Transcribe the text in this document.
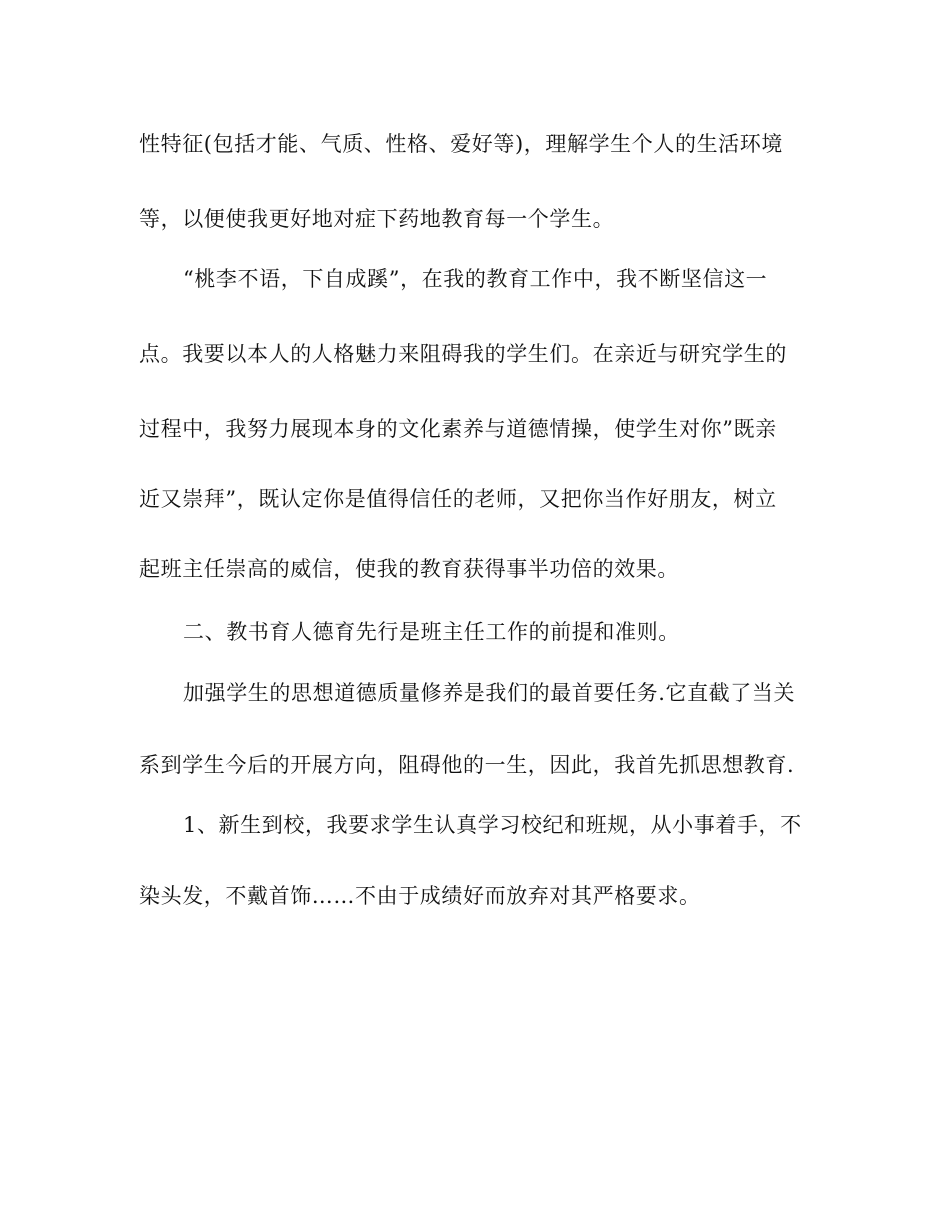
性特征(包括才能、气质、性格、爱好等)，理解学生个人的生活环境
等，以便使我更好地对症下药地教育每一个学生。
“桃李不语，下自成蹊”，在我的教育工作中，我不断坚信这一
点。我要以本人的人格魅力来阻碍我的学生们。在亲近与研究学生的
过程中，我努力展现本身的文化素养与道德情操，使学生对你”既亲
近又崇拜”，既认定你是值得信任的老师，又把你当作好朋友，树立
起班主任崇高的威信，使我的教育获得事半功倍的效果。
二、教书育人德育先行是班主任工作的前提和准则。
加强学生的思想道德质量修养是我们的最首要任务.它直截了当关
系到学生今后的开展方向，阻碍他的一生，因此，我首先抓思想教育.
1、新生到校，我要求学生认真学习校纪和班规，从小事着手，不
染头发，不戴首饰……不由于成绩好而放弃对其严格要求。
